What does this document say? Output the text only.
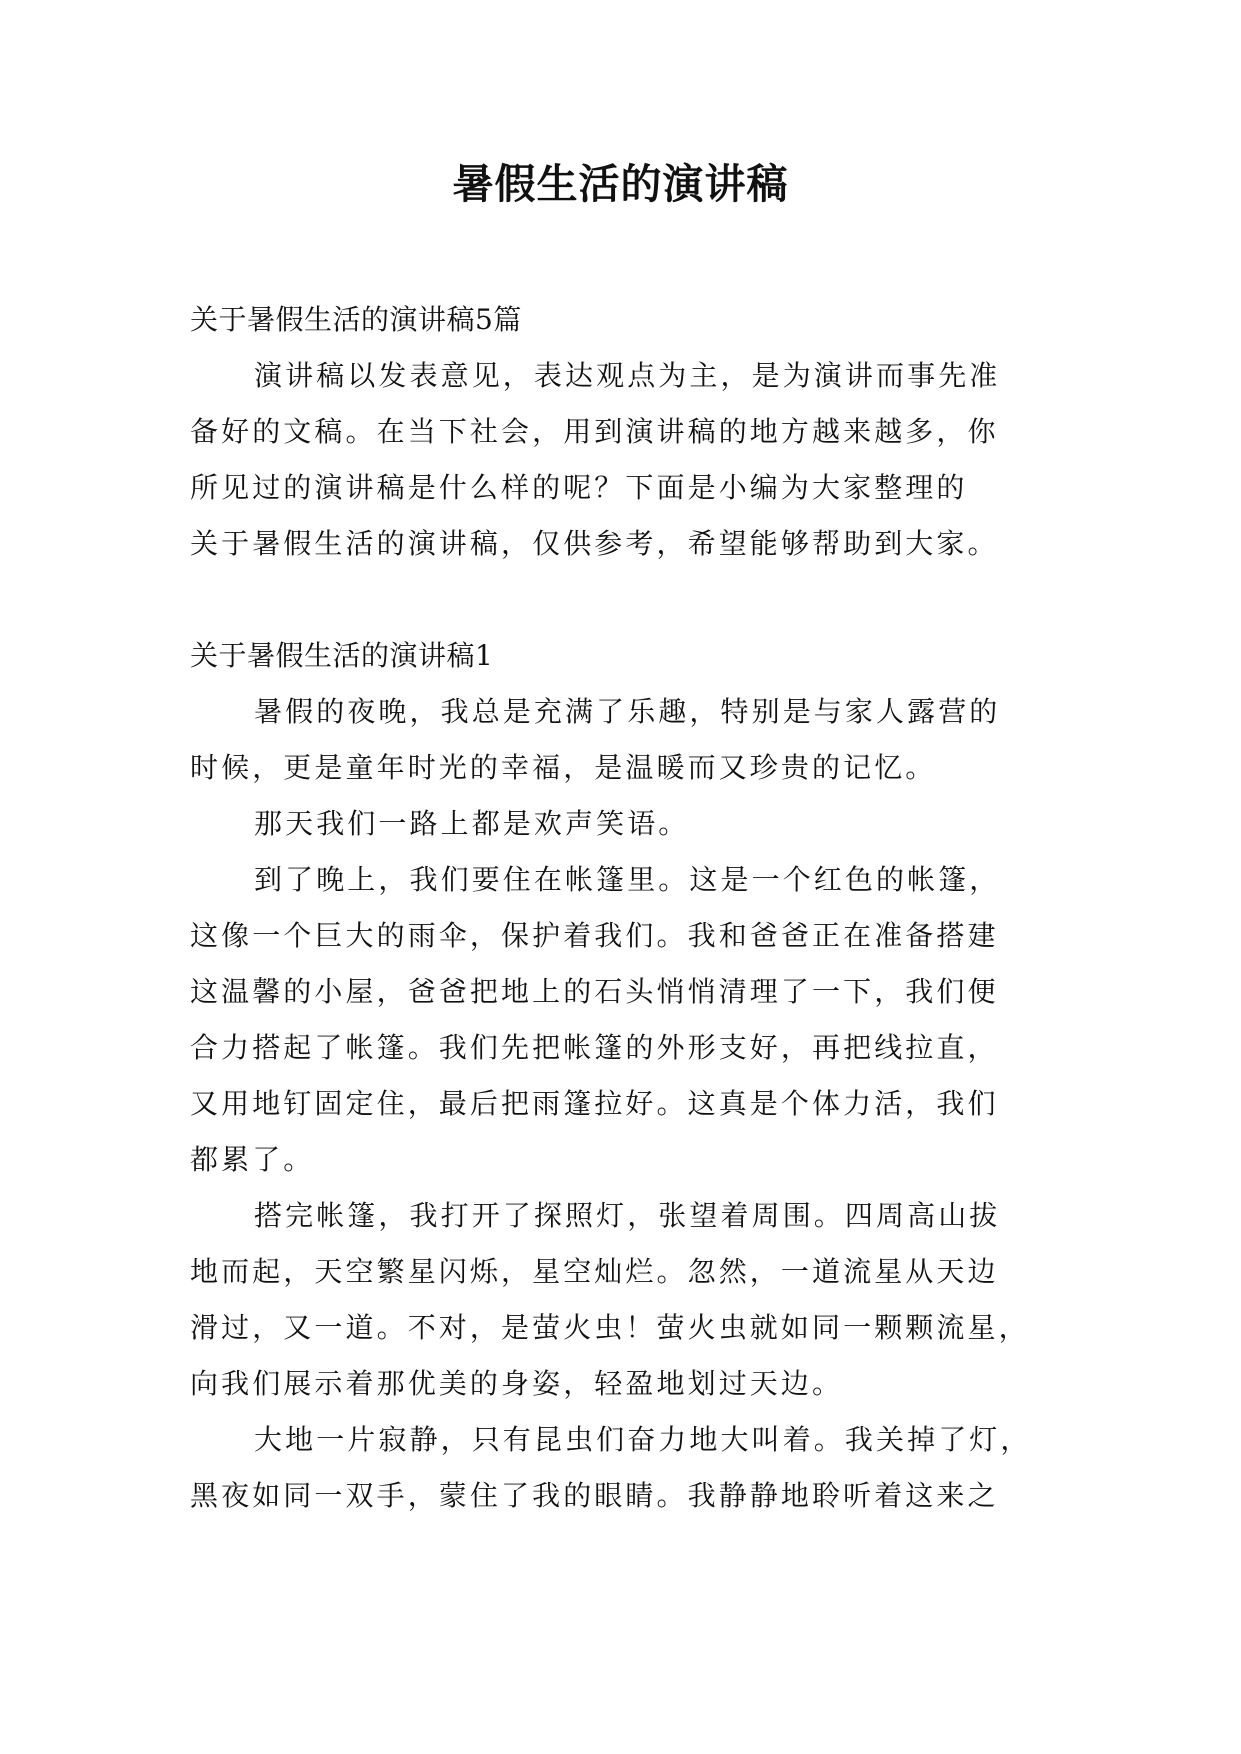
暑假生活的演讲稿
关于暑假生活的演讲稿5篇
演讲稿以发表意见，表达观点为主，是为演讲而事先准
备好的文稿。在当下社会，用到演讲稿的地方越来越多，你
所见过的演讲稿是什么样的呢？下面是小编为大家整理的
关于暑假生活的演讲稿，仅供参考，希望能够帮助到大家。
关于暑假生活的演讲稿1
暑假的夜晚，我总是充满了乐趣，特别是与家人露营的
时候，更是童年时光的幸福，是温暖而又珍贵的记忆。
那天我们一路上都是欢声笑语。
到了晚上，我们要住在帐篷里。这是一个红色的帐篷，
这像一个巨大的雨伞，保护着我们。我和爸爸正在准备搭建
这温馨的小屋，爸爸把地上的石头悄悄清理了一下，我们便
合力搭起了帐篷。我们先把帐篷的外形支好，再把线拉直，
又用地钉固定住，最后把雨篷拉好。这真是个体力活，我们
都累了。
搭完帐篷，我打开了探照灯，张望着周围。四周高山拔
地而起，天空繁星闪烁，星空灿烂。忽然，一道流星从天边
滑过，又一道。不对，是萤火虫！萤火虫就如同一颗颗流星，
向我们展示着那优美的身姿，轻盈地划过天边。
大地一片寂静，只有昆虫们奋力地大叫着。我关掉了灯，
黑夜如同一双手，蒙住了我的眼睛。我静静地聆听着这来之
